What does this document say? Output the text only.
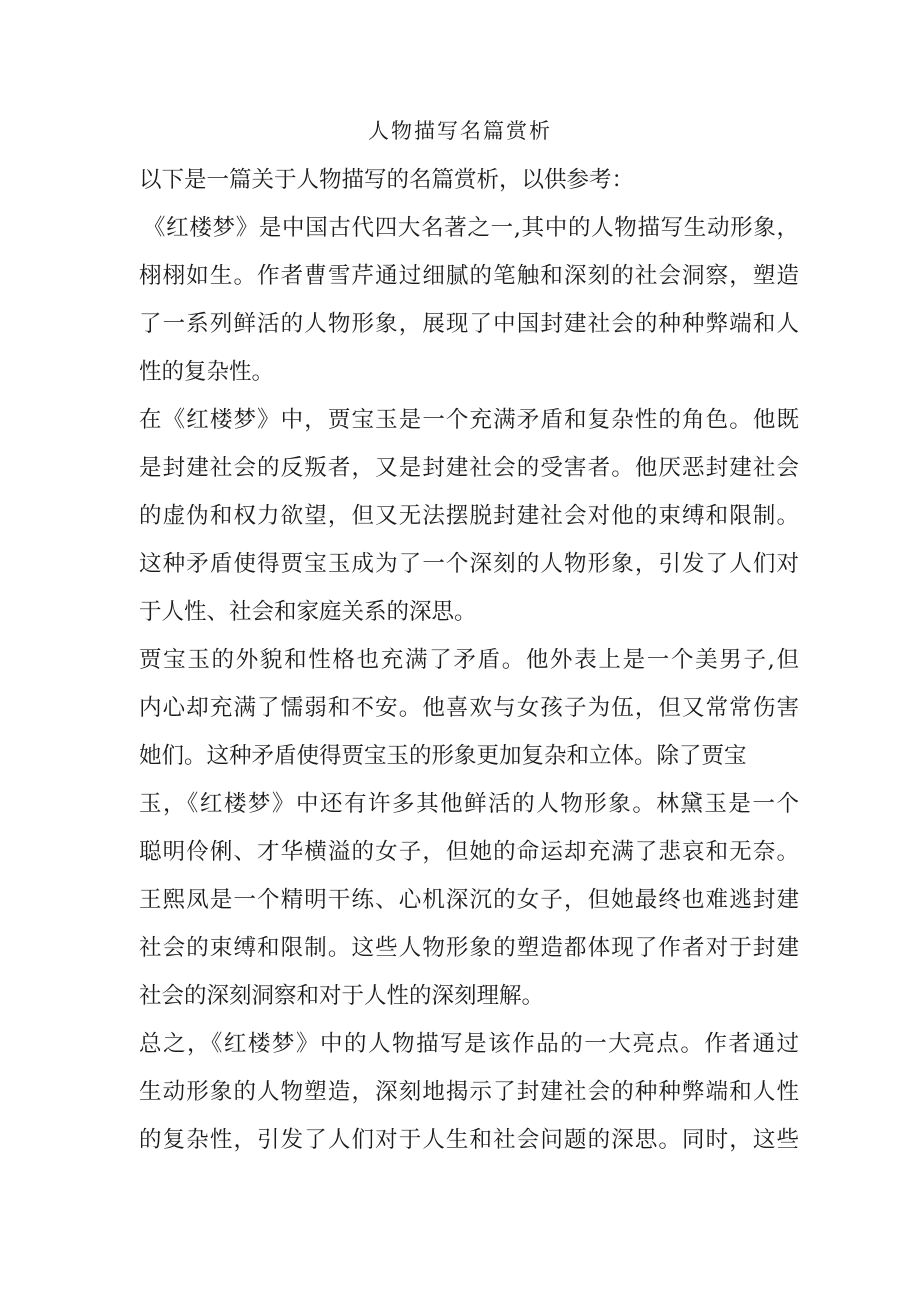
人物描写名篇赏析
以下是一篇关于人物描写的名篇赏析，以供参考：
《红楼梦》是中国古代四大名著之一,其中的人物描写生动形象，
栩栩如生。作者曹雪芹通过细腻的笔触和深刻的社会洞察，塑造
了一系列鲜活的人物形象，展现了中国封建社会的种种弊端和人
性的复杂性。
在《红楼梦》中，贾宝玉是一个充满矛盾和复杂性的角色。他既
是封建社会的反叛者，又是封建社会的受害者。他厌恶封建社会
的虚伪和权力欲望，但又无法摆脱封建社会对他的束缚和限制。
这种矛盾使得贾宝玉成为了一个深刻的人物形象，引发了人们对
于人性、社会和家庭关系的深思。
贾宝玉的外貌和性格也充满了矛盾。他外表上是一个美男子,但
内心却充满了懦弱和不安。他喜欢与女孩子为伍，但又常常伤害
她们。这种矛盾使得贾宝玉的形象更加复杂和立体。除了贾宝
玉，《红楼梦》中还有许多其他鲜活的人物形象。林黛玉是一个
聪明伶俐、才华横溢的女子，但她的命运却充满了悲哀和无奈。
王熙凤是一个精明干练、心机深沉的女子，但她最终也难逃封建
社会的束缚和限制。这些人物形象的塑造都体现了作者对于封建
社会的深刻洞察和对于人性的深刻理解。
总之，《红楼梦》中的人物描写是该作品的一大亮点。作者通过
生动形象的人物塑造，深刻地揭示了封建社会的种种弊端和人性
的复杂性，引发了人们对于人生和社会问题的深思。同时，这些
